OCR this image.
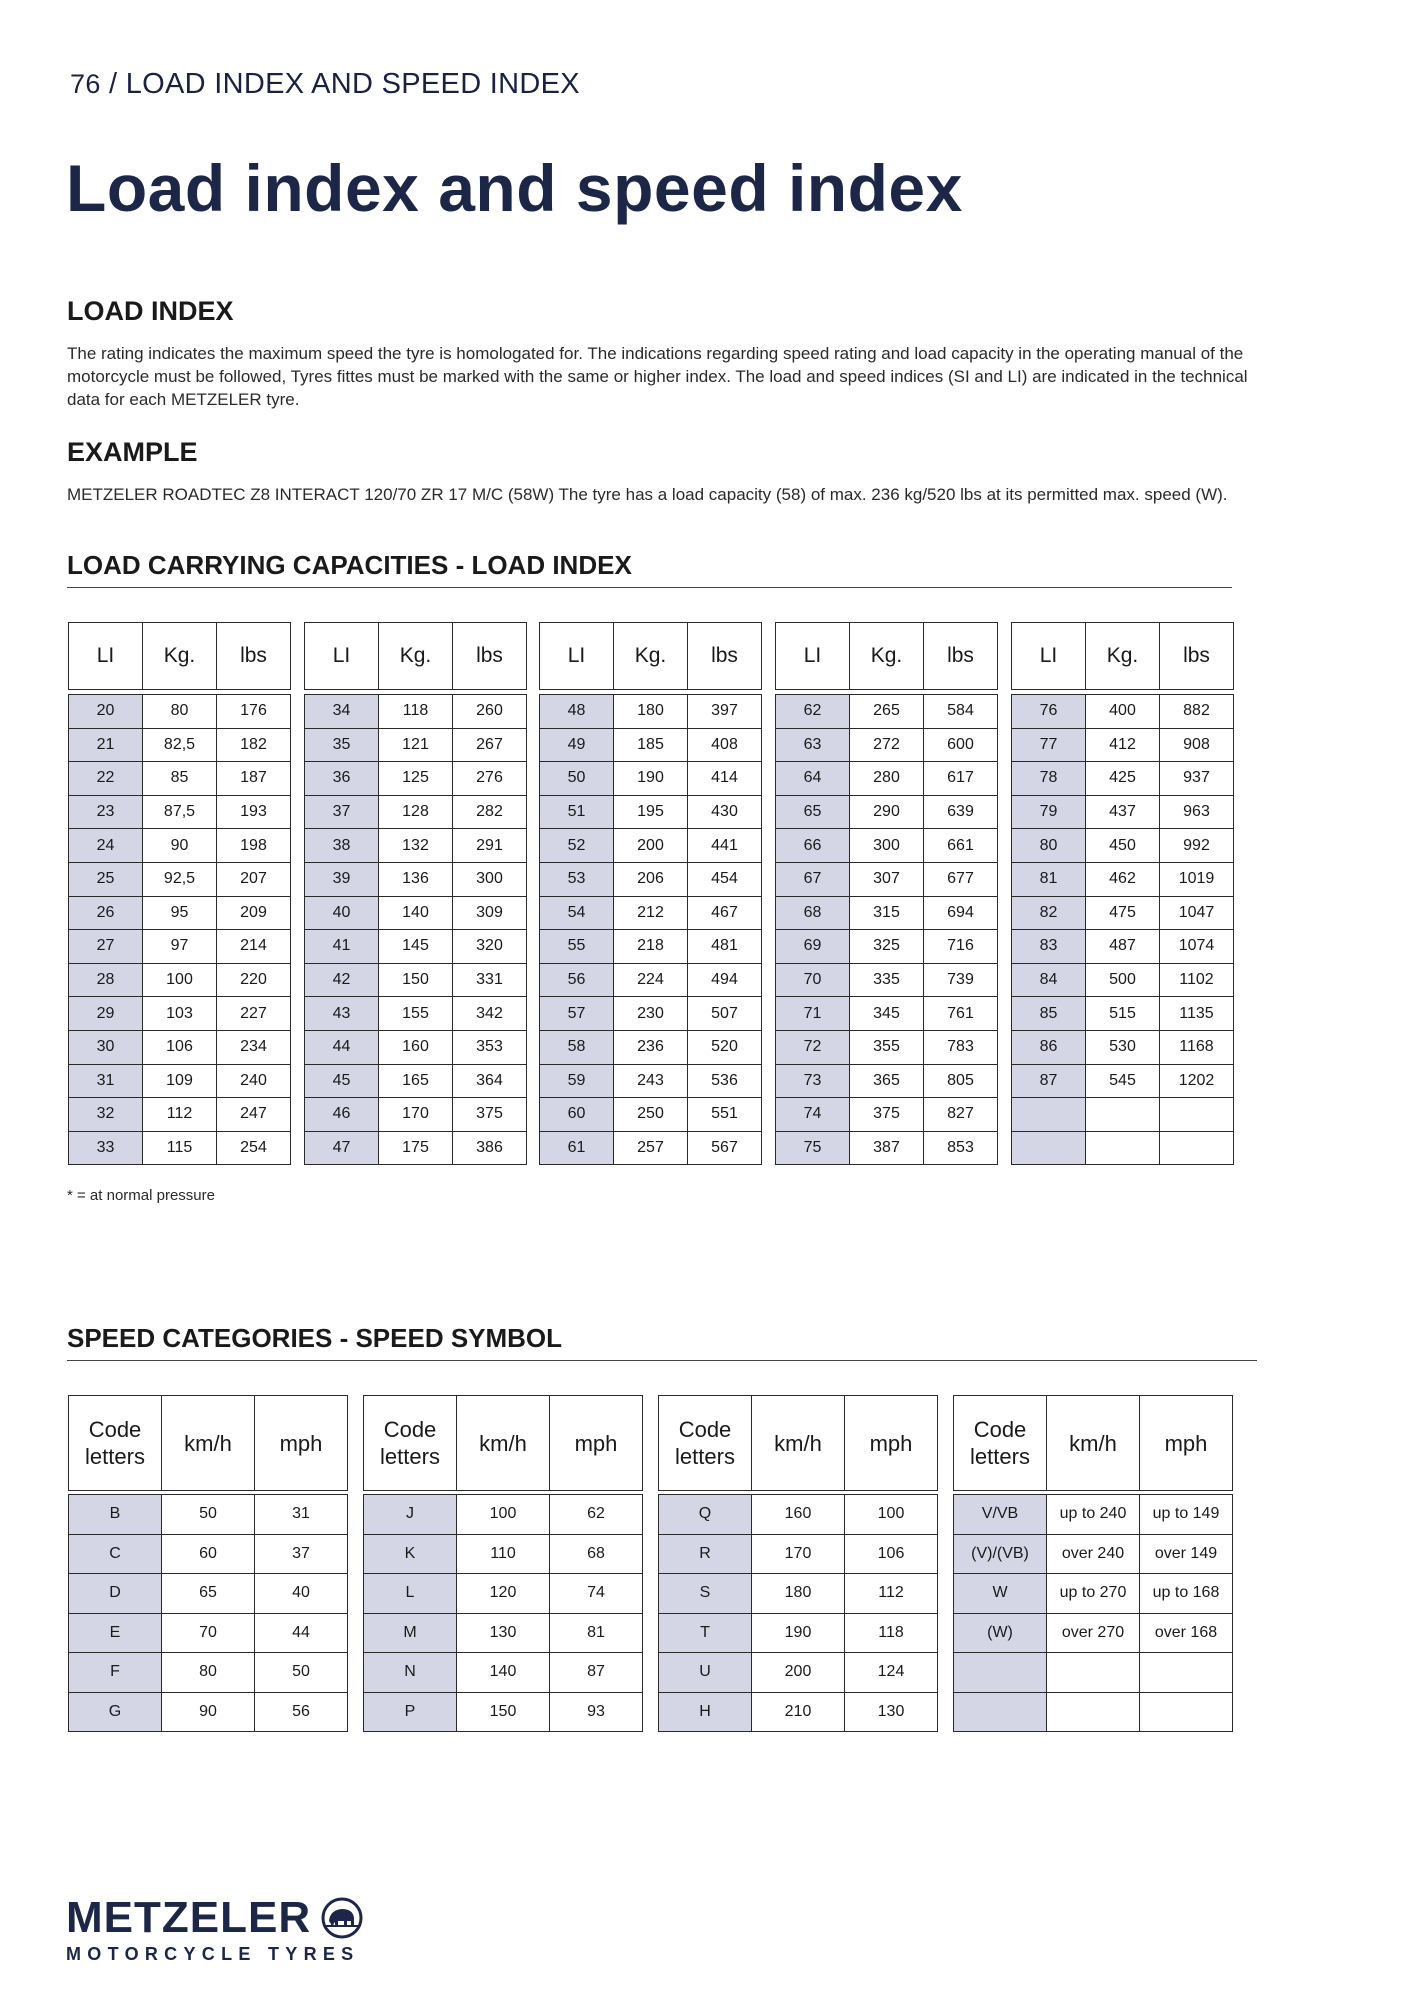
76 / LOAD INDEX AND SPEED INDEX
Load index and speed index
LOAD INDEX

The rating indicates the maximum speed the tyre is homologated for. The indications regarding speed rating and load capacity in the operating manual of the motorcycle must be followed, Tyres fittes must be marked with the same or higher index. The load and speed indices (SI and LI) are indicated in the technical data for each METZELER tyre.

EXAMPLE

METZELER ROADTEC Z8 INTERACT 120/70 ZR 17 M/C (58W) The tyre has a load capacity (58) of max. 236 kg/520 lbs at its permitted max. speed (W).

LOAD CARRYING CAPACITIES - LOAD INDEX
LI	Kg.	lbs

20	80	176
21	82,5	182
22	85	187
23	87,5	193
24	90	198
25	92,5	207
26	95	209
27	97	214
28	100	220
29	103	227
30	106	234
31	109	240
32	112	247
33	115	254
LI	Kg.	lbs

34	118	260
35	121	267
36	125	276
37	128	282
38	132	291
39	136	300
40	140	309
41	145	320
42	150	331
43	155	342
44	160	353
45	165	364
46	170	375
47	175	386
LI	Kg.	lbs

48	180	397
49	185	408
50	190	414
51	195	430
52	200	441
53	206	454
54	212	467
55	218	481
56	224	494
57	230	507
58	236	520
59	243	536
60	250	551
61	257	567
LI	Kg.	lbs

62	265	584
63	272	600
64	280	617
65	290	639
66	300	661
67	307	677
68	315	694
69	325	716
70	335	739
71	345	761
72	355	783
73	365	805
74	375	827
75	387	853
LI	Kg.	lbs

76	400	882
77	412	908
78	425	937
79	437	963
80	450	992
81	462	1019
82	475	1047
83	487	1074
84	500	1102
85	515	1135
86	530	1168
87	545	1202

* = at normal pressure
SPEED CATEGORIES - SPEED SYMBOL
Code
letters	km/h	mph

B	50	31
C	60	37
D	65	40
E	70	44
F	80	50
G	90	56
Code
letters	km/h	mph

J	100	62
K	110	68
L	120	74
M	130	81
N	140	87
P	150	93
Code
letters	km/h	mph

Q	160	100
R	170	106
S	180	112
T	190	118
U	200	124
H	210	130
Code
letters	km/h	mph

V/VB	up to 240	up to 149
(V)/(VB)	over 240	over 149
W	up to 270	up to 168
(W)	over 270	over 168

METZELER
MOTORCYCLE TYRES
